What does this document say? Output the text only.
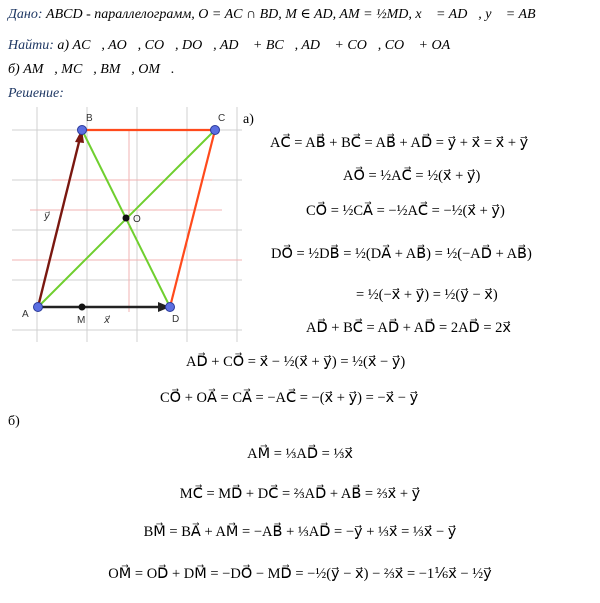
Дано: ABCD - параллелограмм, O = AC ∩ BD, M ∈ AD, AM = ½MD, x⃗ = AD⃗, y⃗ = AB⃗
Найти: а) AC⃗, AO⃗, CO⃗, DO⃗, AD⃗ + BC⃗, AD⃗ + CO⃗, CO⃗ + OA⃗
б) AM⃗, MC⃗, BM⃗, OM⃗.
Решение:
A
B	C
D
O
M
y⃗
x⃗
а)
AC⃗ = AB⃗ + BC⃗ = AB⃗ + AD⃗ = y⃗ + x⃗ = x⃗ + y⃗
AO⃗ = ½AC⃗ = ½(x⃗ + y⃗)
CO⃗ = ½CA⃗ = −½AC⃗ = −½(x⃗ + y⃗)
DO⃗ = ½DB⃗ = ½(DA⃗ + AB⃗) = ½(−AD⃗ + AB⃗)
= ½(−x⃗ + y⃗) = ½(y⃗ − x⃗)
AD⃗ + BC⃗ = AD⃗ + AD⃗ = 2AD⃗ = 2x⃗
AD⃗ + CO⃗ = x⃗ − ½(x⃗ + y⃗) = ½(x⃗ − y⃗)
CO⃗ + OA⃗ = CA⃗ = −AC⃗ = −(x⃗ + y⃗) = −x⃗ − y⃗
б)
AM⃗ = ⅓AD⃗ = ⅓x⃗
MC⃗ = MD⃗ + DC⃗ = ⅔AD⃗ + AB⃗ = ⅔x⃗ + y⃗
BM⃗ = BA⃗ + AM⃗ = −AB⃗ + ⅓AD⃗ = −y⃗ + ⅓x⃗ = ⅓x⃗ − y⃗
OM⃗ = OD⃗ + DM⃗ = −DO⃗ − MD⃗ = −½(y⃗ − x⃗) − ⅔x⃗ = −1⅙x⃗ − ½y⃗
